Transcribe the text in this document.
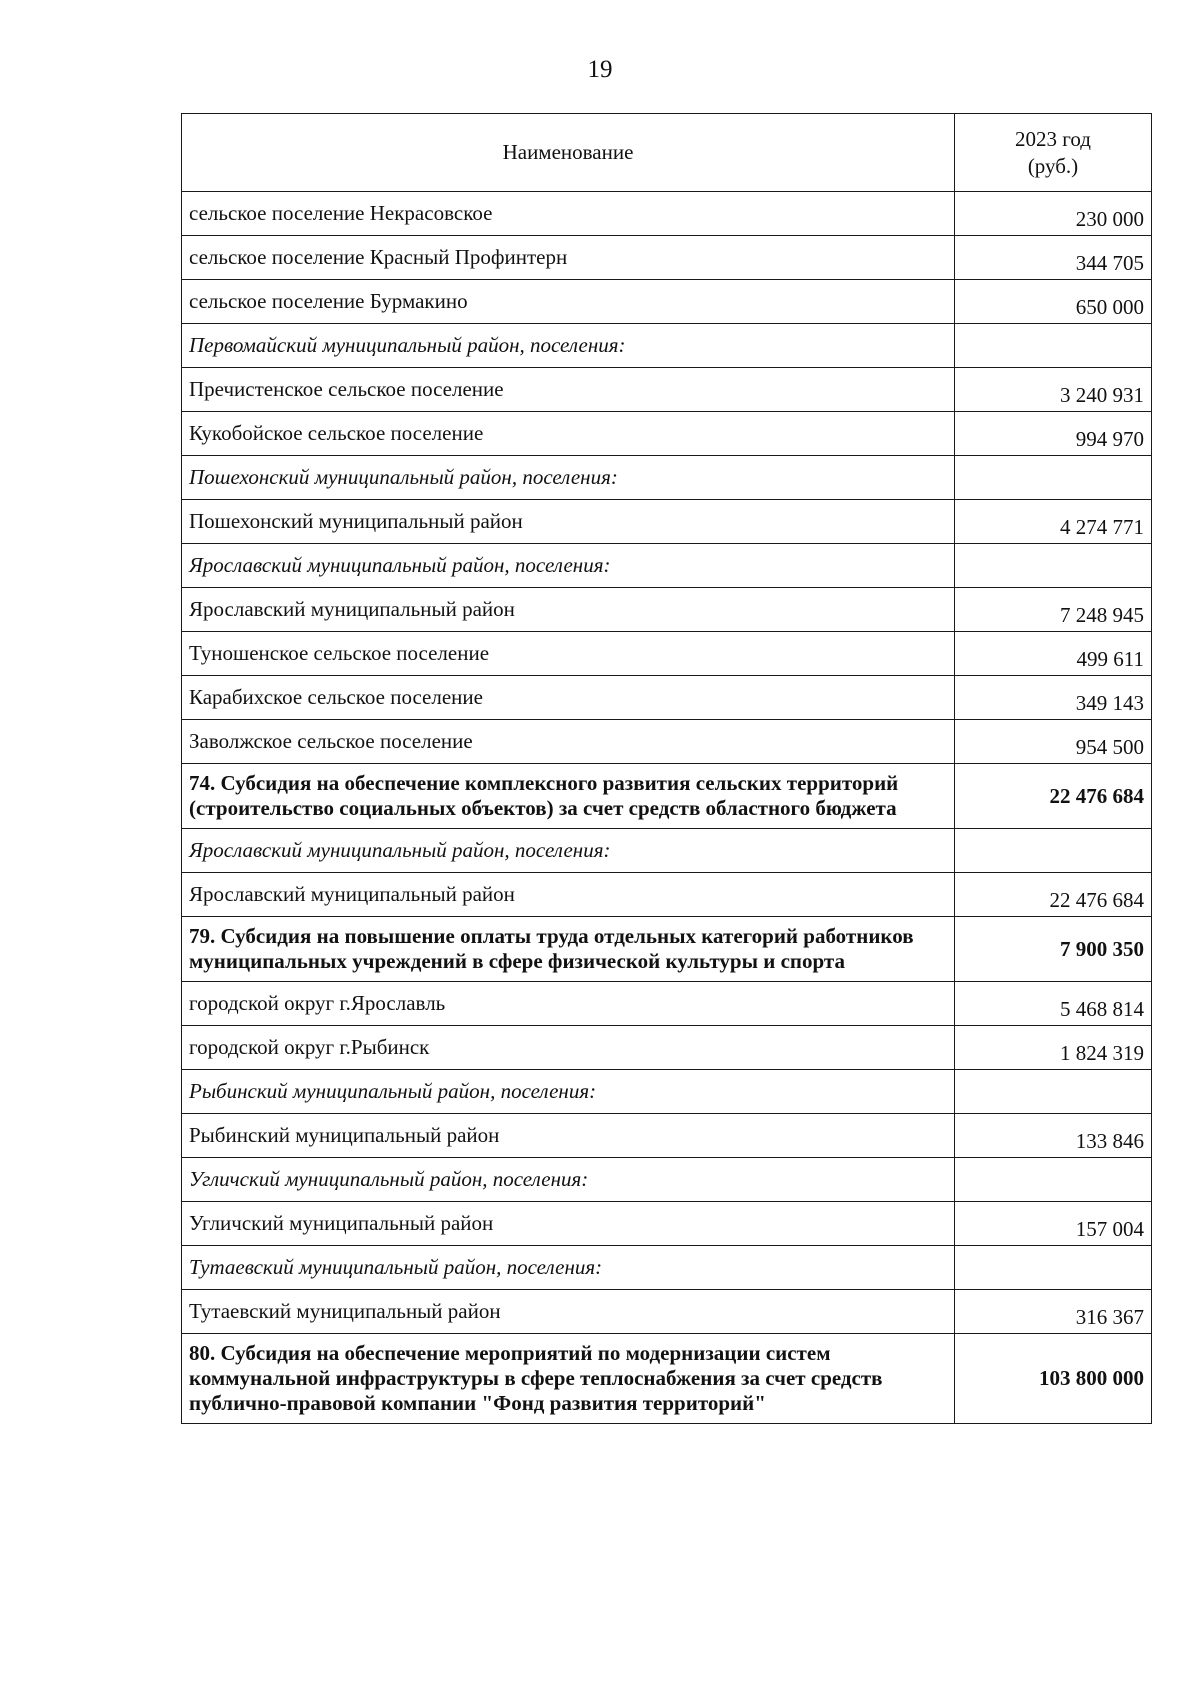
19
Наименование	2023 год
(руб.)
сельское поселение Некрасовское	230 000
сельское поселение Красный Профинтерн	344 705
сельское поселение Бурмакино	650 000
Первомайский муниципальный район, поселения:	
Пречистенское сельское поселение	3 240 931
Кукобойское сельское поселение	994 970
Пошехонский муниципальный район, поселения:	
Пошехонский муниципальный район	4 274 771
Ярославский муниципальный район, поселения:	
Ярославский муниципальный район	7 248 945
Туношенское сельское поселение	499 611
Карабихское сельское поселение	349 143
Заволжское сельское поселение	954 500
74. Субсидия на обеспечение комплексного развития сельских территорий (строительство социальных объектов) за счет средств областного бюджета	22 476 684
Ярославский муниципальный район, поселения:	
Ярославский муниципальный район	22 476 684
79. Субсидия на повышение оплаты труда отдельных категорий работников муниципальных учреждений в сфере физической культуры и спорта	7 900 350
городской округ г.Ярославль	5 468 814
городской округ г.Рыбинск	1 824 319
Рыбинский муниципальный район, поселения:	
Рыбинский муниципальный район	133 846
Угличский муниципальный район, поселения:	
Угличский муниципальный район	157 004
Тутаевский муниципальный район, поселения:	
Тутаевский муниципальный район	316 367
80. Субсидия на обеспечение мероприятий по модернизации систем коммунальной инфраструктуры в сфере теплоснабжения за счет средств публично-правовой компании "Фонд развития территорий"	103 800 000
